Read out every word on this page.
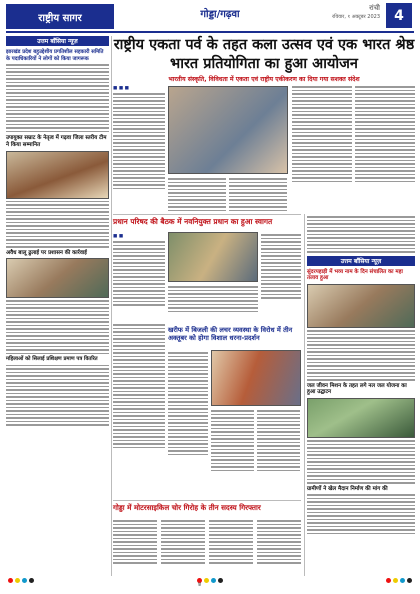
राष्ट्रीय सागर	गोड्डा/गढ़वा
रांची
रविवार, १ अक्टूबर 2023	4
राष्ट्रीय एकता पर्व के तहत कला उत्सव एवं एक भारत श्रेष्ठ भारत प्रतियोगिता का हुआ आयोजन
भारतीय संस्कृति, विविधता में एकता एवं राष्ट्रीय एकीकरण का दिया गया सशक्त संदेश
उत्तम बाँसिया न्यूज़
झारखंड प्रदेश बहुउद्देशीय प्रगतिशील सहकारी समिति के पदाधिकारियों ने लोगों को किया जागरूक
उपायुक्त सम्राट के नेतृत्व में गढ़वा जिला स्तरीय टीम ने किया सम्मानित
अवैध बालू ढुलाई पर प्रशासन की कार्रवाई
महिलाओं को सिलाई प्रशिक्षण प्रमाण पत्र वितरित
■ ■ ■
प्रधान परिषद की बैठक में नवनियुक्त प्रधान का हुआ स्वागत
■ ■
खरीफ में बिजली की लचर व्यवस्था के विरोध में तीन अक्तूबर को होगा विशाल धरना-प्रदर्शन
गोड्डा में मोटरसाइकिल चोर गिरोह के तीन सदस्य गिरफ्तार
उत्तम बाँसिया न्यूज़
सुंदरपहाड़ी में भव्य नाम के दिन संचालित का महा तलाव हुआ
जल जीवन मिशन के तहत लगे नल जल योजना का हुआ उद्घाटन
ग्रामीणों ने खेल मैदान निर्माण की मांग की
४
